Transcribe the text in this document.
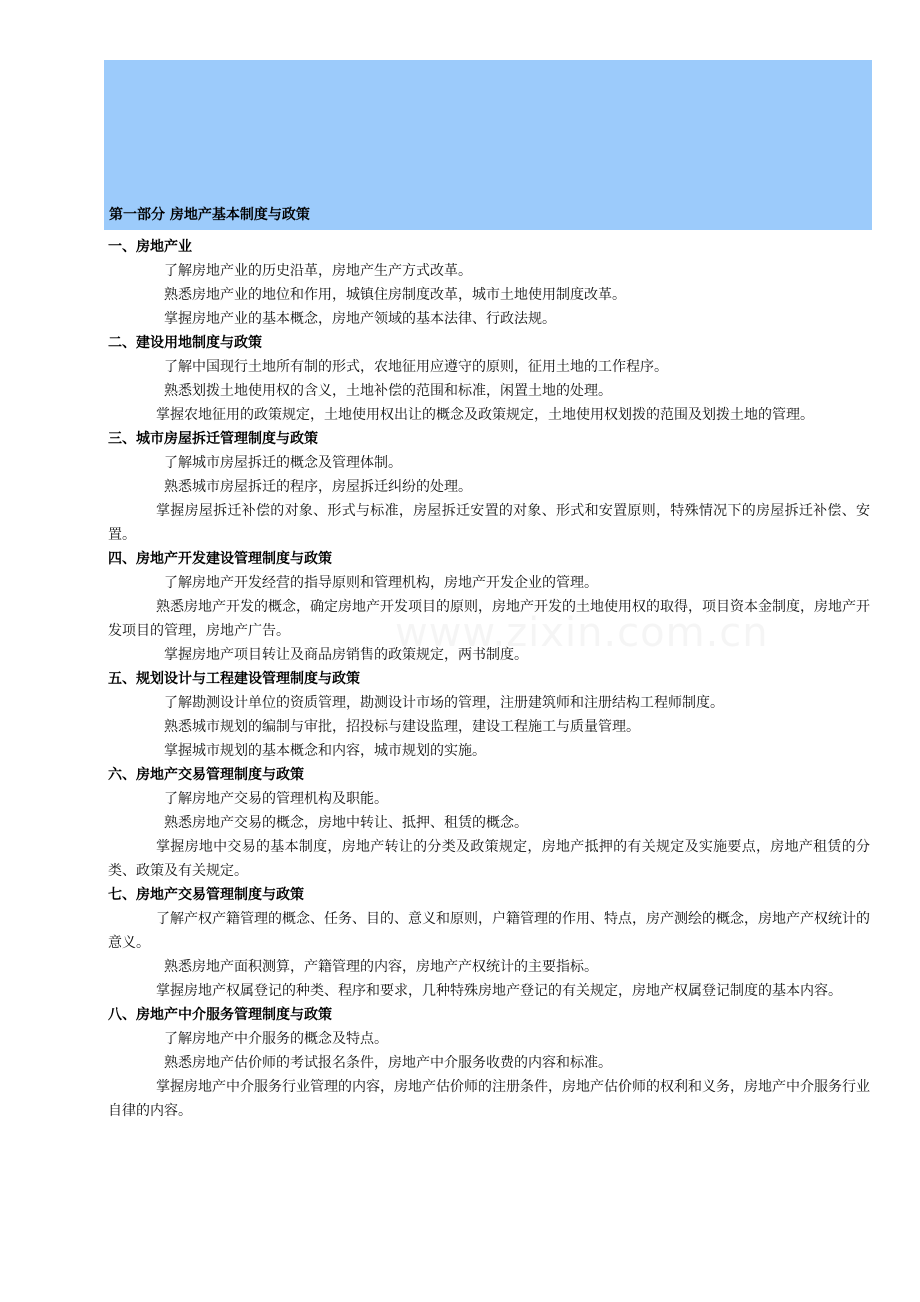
第一部分 房地产基本制度与政策
一、房地产业

了解房地产业的历史沿革，房地产生产方式改革。

熟悉房地产业的地位和作用，城镇住房制度改革，城市土地使用制度改革。

掌握房地产业的基本概念，房地产领域的基本法律、行政法规。

二、建设用地制度与政策

了解中国现行土地所有制的形式，农地征用应遵守的原则，征用土地的工作程序。

熟悉划拨土地使用权的含义，土地补偿的范围和标准，闲置土地的处理。

掌握农地征用的政策规定，土地使用权出让的概念及政策规定，土地使用权划拨的范围及划拨土地的管理。

三、城市房屋拆迁管理制度与政策

了解城市房屋拆迁的概念及管理体制。

熟悉城市房屋拆迁的程序，房屋拆迁纠纷的处理。

掌握房屋拆迁补偿的对象、形式与标准，房屋拆迁安置的对象、形式和安置原则，特殊情况下的房屋拆迁补偿、安置。

四、房地产开发建设管理制度与政策

了解房地产开发经营的指导原则和管理机构，房地产开发企业的管理。

熟悉房地产开发的概念，确定房地产开发项目的原则，房地产开发的土地使用权的取得，项目资本金制度，房地产开发项目的管理，房地产广告。

掌握房地产项目转让及商品房销售的政策规定，两书制度。

五、规划设计与工程建设管理制度与政策

了解勘测设计单位的资质管理，勘测设计市场的管理，注册建筑师和注册结构工程师制度。

熟悉城市规划的编制与审批，招投标与建设监理，建设工程施工与质量管理。

掌握城市规划的基本概念和内容，城市规划的实施。

六、房地产交易管理制度与政策

了解房地产交易的管理机构及职能。

熟悉房地产交易的概念，房地中转让、抵押、租赁的概念。

掌握房地中交易的基本制度，房地产转让的分类及政策规定，房地产抵押的有关规定及实施要点，房地产租赁的分类、政策及有关规定。

七、房地产交易管理制度与政策

了解产权产籍管理的概念、任务、目的、意义和原则，户籍管理的作用、特点，房产测绘的概念，房地产产权统计的意义。

熟悉房地产面积测算，产籍管理的内容，房地产产权统计的主要指标。

掌握房地产权属登记的种类、程序和要求，几种特殊房地产登记的有关规定，房地产权属登记制度的基本内容。

八、房地产中介服务管理制度与政策

了解房地产中介服务的概念及特点。

熟悉房地产估价师的考试报名条件，房地产中介服务收费的内容和标准。

掌握房地产中介服务行业管理的内容，房地产估价师的注册条件，房地产估价师的权利和义务，房地产中介服务行业自律的内容。

www.zixin.com.cn
